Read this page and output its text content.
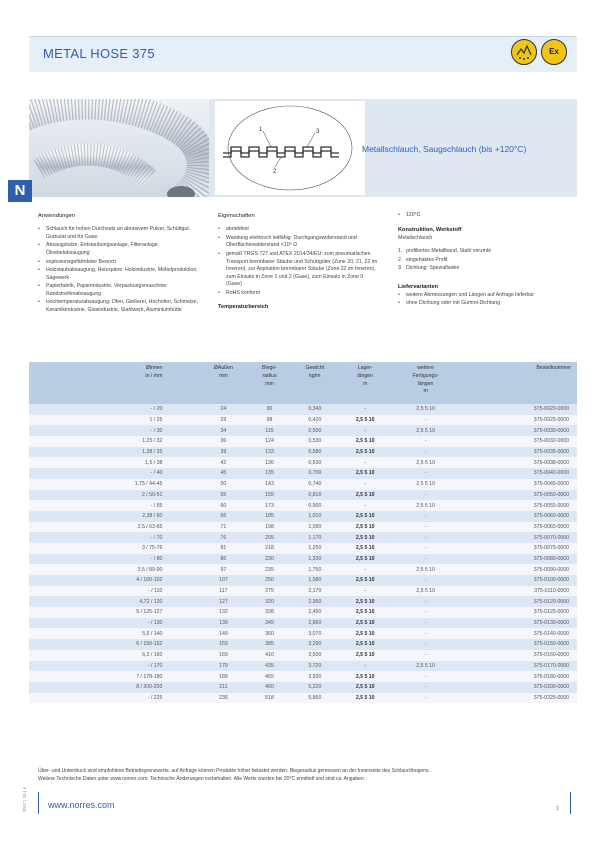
METAL HOSE 375	Ex
1
2
3
Metallschlauch, Saugschlauch (bis +120°C)
N
Anwendungen
• Schlauch für hohen Durchsatz an abrasivem Pulver, Schüttgut, Granulat und für Gase
• Absaugstutze, Entstaubungsanlage, Filteranlage, Ölnebelabsaugung
• explosionsgefährdeter Bereich
• Holzstaubabsaugung, Holzspäne: Holzindustrie, Möbelproduktion, Sägewerk
• Papierfabrik, Papierindustrie, Verpackungsmaschine: Randstreifenabsaugung
• Hochtemperaturabsaugung: Ofen, Gießerei, Hochofen, Schmelze, Keramikindustrie, Glasindustrie, Stahlwerk, Aluminiumhütte
Eigenschaften
• abriebfest
• Wandung elektrisch leitfähig: Durchgangswiderstand und Oberflächenwiderstand <10⁶ Ω
• gemäß TRGS 727 und ATEX 2014/34/EU: zum pneumatischen Transport brennbarer Stäube und Schüttgüter (Zone 20, 21, 22 im Inneren), zur Aspiration brennbarer Stäube (Zone 22 im Inneren), zum Einsatz in Zone 1 und 2 (Gase), zum Einsatz in Zone 0 (Gase)
• RoHS konform
Temperaturbereich
• 120°C
Konstruktion, Werkstoff
Metallschlauch
1. profiliertes Metallband, Stahl verzinkt
2. eingehaktes Profil
3. Dichtung: Spezialfaden
Liefervarianten
• weitere Abmessungen und Längen auf Anfrage lieferbar
• ohne Dichtung oder mit Gummi-Dichtung
Øinnen
in / mm	ØAußen
mm	Biege-
radius
mm	Gewicht
kg/m	Lager-
längen
m	weitere
Fertigungs-
längen
m	Bestellnummer
- / 20	24	90	0,340	-	2,5 5 10	375-0020-0000
1 / 25	29	98	0,420	2,5 5 10	-	375-0025-0000
- / 30	34	115	0,500	-	2,5 5 10	375-0030-0000
1,25 / 32	36	124	0,530	2,5 5 10	-	375-0032-0000
1,38 / 35	39	133	0,580	2,5 5 10	-	375-0035-0000
1,5 / 38	42	136	0,630	-	2,5 5 10	375-0038-0000
- / 40	45	135	0,700	2,5 5 10	-	375-0040-0000
1,75 / 44-45	50	143	0,740	-	2,5 5 10	375-0045-0000
2 / 50-51	55	155	0,810	2,5 5 10	-	375-0050-0000
- / 55	60	173	0,900	-	2,5 5 10	375-0055-0000
2,38 / 60	66	185	1,010	2,5 5 10	-	375-0060-0000
2,5 / 63-65	71	198	1,090	2,5 5 10	-	375-0065-0000
- / 70	76	205	1,170	2,5 5 10	-	375-0070-0000
3 / 75-76	81	218	1,250	2,5 5 10	-	375-0075-0000
- / 80	86	230	1,330	2,5 5 10	-	375-0080-0000
3,5 / 89-90	97	235	1,750	-	2,5 5 10	375-0090-0000
4 / 100-102	107	250	1,980	2,5 5 10	-	375-0100-0000
- / 110	117	275	2,170	-	2,5 5 10	375-0110-0000
4,72 / 120	127	320	2,360	2,5 5 10	-	375-0120-0000
5 / 125-127	132	338	2,450	2,5 5 10	-	375-0125-0000
- / 130	139	345	2,860	2,5 5 10	-	375-0130-0000
5,5 / 140	149	360	3,070	2,5 5 10	-	375-0140-0000
6 / 150-152	159	385	3,290	2,5 5 10	-	375-0150-0000
6,3 / 160	169	410	3,500	2,5 5 10	-	375-0160-0000
- / 170	179	435	3,720	-	2,5 5 10	375-0170-0000
7 / 178-180	189	455	3,930	2,5 5 10	-	375-0180-0000
8 / 200-203	211	460	5,220	2,5 5 10	-	375-0200-0000
- / 225	236	518	5,860	2,5 5 10	-	375-0225-0000
Über- und Unterdruck sind empfohlene Betriebsgrenzwerte, auf Anfrage können Produkte höher belastet werden. Biegeradius gemessen an der Innenseite des Schlauchbogens.
Weitere Technische Daten unter www.norres.com. Technische Änderungen vorbehalten. Alle Werte wurden bei 20°C ermittelt und sind ca. Angaben.
www.norres.com
2017 | 10 | 4	1
